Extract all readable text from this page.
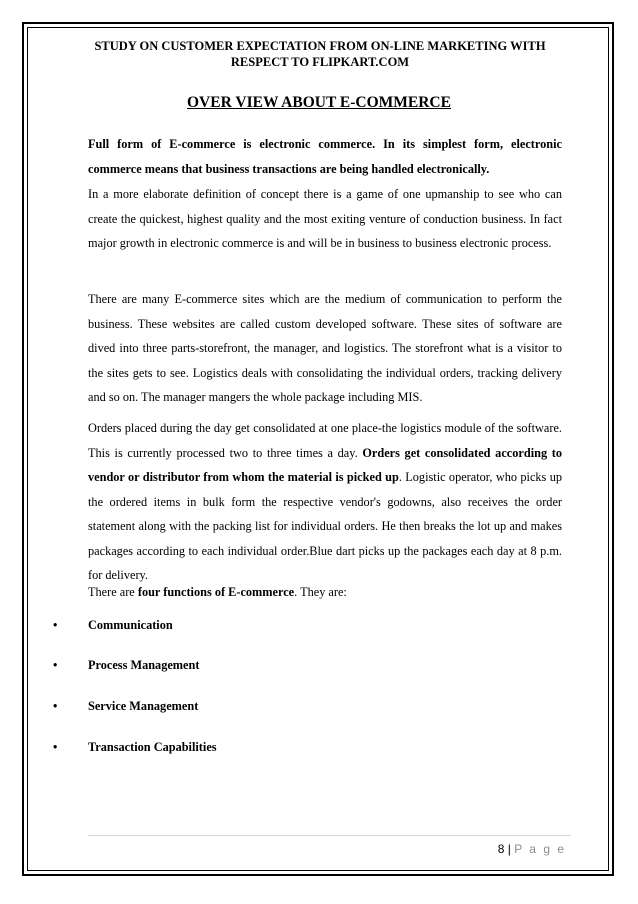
STUDY ON CUSTOMER EXPECTATION FROM ON-LINE MARKETING WITH
RESPECT TO FLIPKART.COM
OVER VIEW ABOUT E-COMMERCE
Full form of E-commerce is electronic commerce. In its simplest form, electronic commerce means that business transactions are being handled electronically.
In a more elaborate definition of concept there is a game of one upmanship to see who can create the quickest, highest quality and the most exiting venture of conduction business. In fact major growth in electronic commerce is and will be in business to business electronic process.
There are many E-commerce sites which are the medium of communication to perform the business. These websites are called custom developed software. These sites of software are dived into three parts-storefront, the manager, and logistics. The storefront what is a visitor to the sites gets to see. Logistics deals with consolidating the individual orders, tracking delivery and so on. The manager mangers the whole package including MIS.
Orders placed during the day get consolidated at one place-the logistics module of the software. This is currently processed two to three times a day. Orders get consolidated according to vendor or distributor from whom the material is picked up. Logistic operator, who picks up the ordered items in bulk form the respective vendor's godowns, also receives the order statement along with the packing list for individual orders. He then breaks the lot up and makes packages according to each individual order.Blue dart picks up the packages each day at 8 p.m. for delivery.
There are four functions of E-commerce. They are:
• Communication
• Process Management
• Service Management
• Transaction Capabilities
8 | P a g e
